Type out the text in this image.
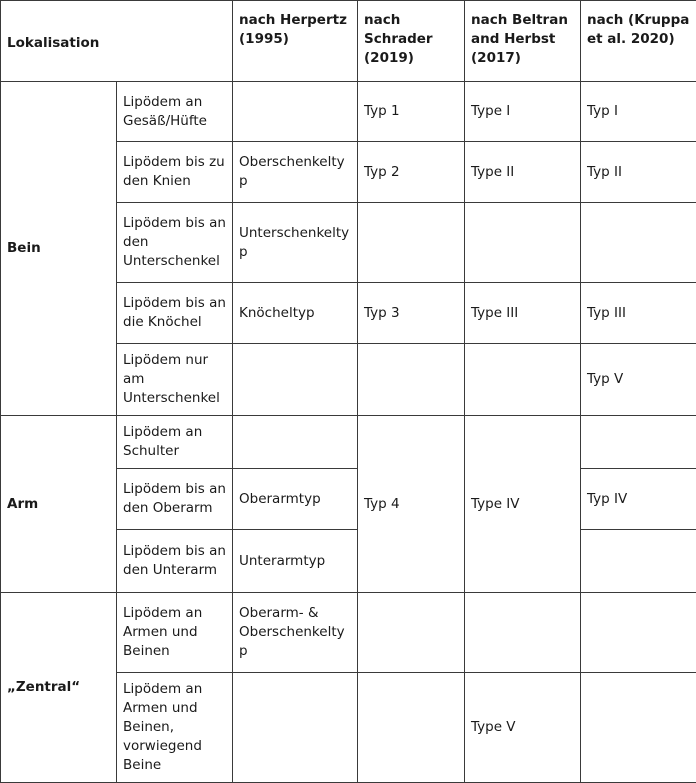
Lokalisation		nach Herpertz (1995)	nach Schrader (2019)	nach Beltran and Herbst (2017)	nach (Kruppa et al. 2020)
Bein	Lipödem an Gesäß/Hüfte		Typ 1	Type I	Typ I
	Lipödem bis zu den Knien	Oberschenkeltyp	Typ 2	Type II	Typ II
	Lipödem bis an den Unterschenkel	Unterschenkeltyp			
	Lipödem bis an die Knöchel	Knöcheltyp	Typ 3	Type III	Typ III
	Lipödem nur am Unterschenkel				Typ V
Arm	Lipödem an Schulter		Typ 4	Type IV	
	Lipödem bis an den Oberarm	Oberarmtyp			Typ IV
	Lipödem bis an den Unterarm	Unterarmtyp			
„Zentral“	Lipödem an Armen und Beinen	Oberarm- & Oberschenkeltyp			
	Lipödem an Armen und Beinen, vorwiegend Beine			Type V	
